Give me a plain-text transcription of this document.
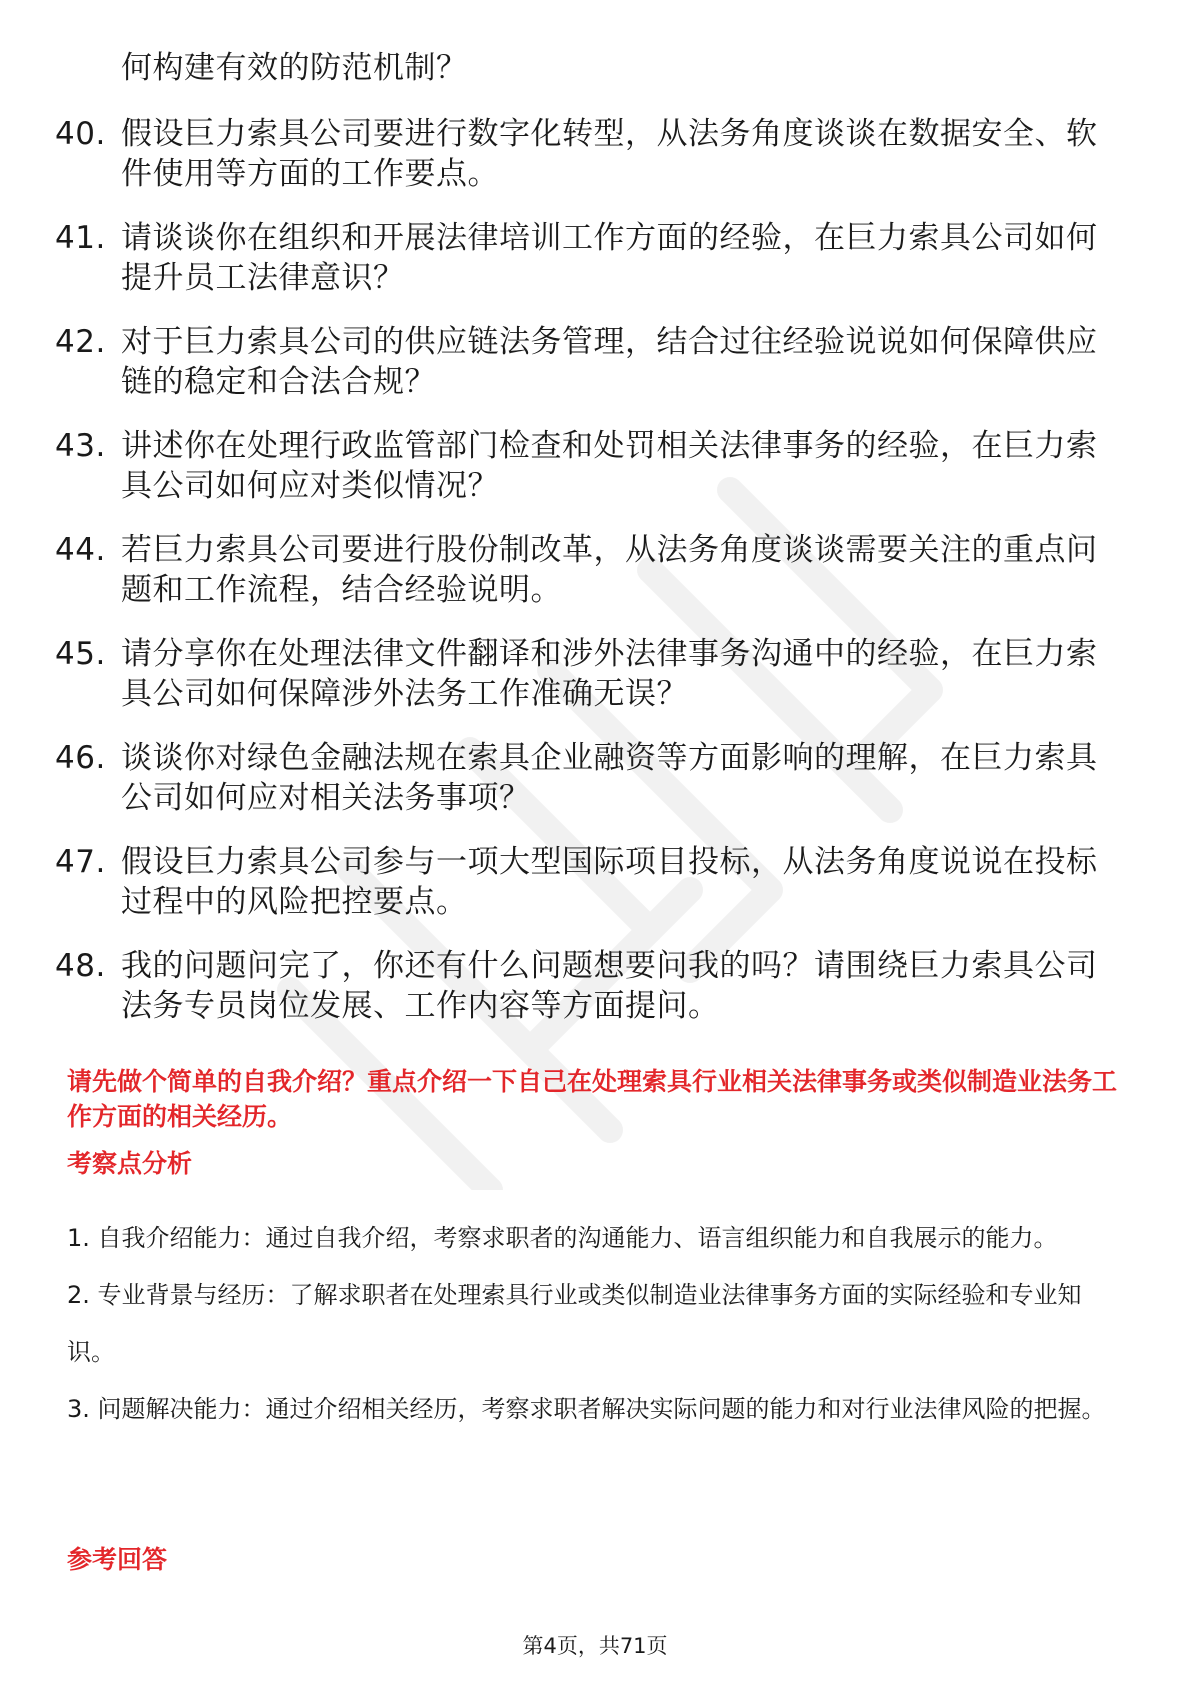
何构建有效的防范机制？
40. 假设巨力索具公司要进行数字化转型，从法务角度谈谈在数据安全、软件使用等方面的工作要点。
41. 请谈谈你在组织和开展法律培训工作方面的经验，在巨力索具公司如何提升员工法律意识？
42. 对于巨力索具公司的供应链法务管理，结合过往经验说说如何保障供应链的稳定和合法合规？
43. 讲述你在处理行政监管部门检查和处罚相关法律事务的经验，在巨力索具公司如何应对类似情况？
44. 若巨力索具公司要进行股份制改革，从法务角度谈谈需要关注的重点问题和工作流程，结合经验说明。
45. 请分享你在处理法律文件翻译和涉外法律事务沟通中的经验，在巨力索具公司如何保障涉外法务工作准确无误？
46. 谈谈你对绿色金融法规在索具企业融资等方面影响的理解，在巨力索具公司如何应对相关法务事项？
47. 假设巨力索具公司参与一项大型国际项目投标，从法务角度说说在投标过程中的风险把控要点。
48. 我的问题问完了，你还有什么问题想要问我的吗？请围绕巨力索具公司法务专员岗位发展、工作内容等方面提问。
请先做个简单的自我介绍？重点介绍一下自己在处理索具行业相关法律事务或类似制造业法务工作方面的相关经历。
考察点分析

1. 自我介绍能力：通过自我介绍，考察求职者的沟通能力、语言组织能力和自我展示的能力。

2. 专业背景与经历：了解求职者在处理索具行业或类似制造业法律事务方面的实际经验和专业知识。

3. 问题解决能力：通过介绍相关经历，考察求职者解决实际问题的能力和对行业法律风险的把握。

参考回答
第4页，共71页
